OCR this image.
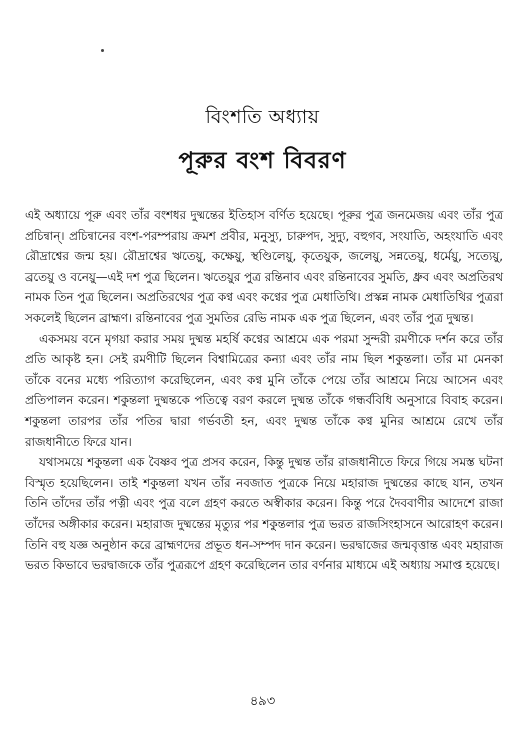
বিংশতি অধ্যায়
পূরুর বংশ বিবরণ

এই অধ্যায়ে পূরু এবং তাঁর বংশধর দুষ্মন্তের ইতিহাস বর্ণিত হয়েছে। পূরুর পুত্র জনমেজয় এবং তাঁর পুত্র প্রচিন্বান্‌। প্রচিন্বানের বংশ-পরম্পরায় ক্রমশ প্রবীর, মনুস্যু, চারুপদ, সুদ্যু, বহুগব, সংযাতি, অহংযাতি এবং রৌদ্রাশ্বের জন্ম হয়। রৌদ্রাশ্বের ঋতেয়ু, কক্ষেয়ু, স্থণ্ডিলেয়ু, কৃতেয়ুক, জলেয়ু, সন্নতেয়ু, ধর্মেয়ু, সত্যেয়ু, ব্রতেয়ু ও বনেয়ু—এই দশ পুত্র ছিলেন। ঋতেয়ুর পুত্র রন্তিনাব এবং রন্তিনাবের সুমতি, ধ্রুব এবং অপ্রতিরথ নামক তিন পুত্র ছিলেন। অপ্রতিরথের পুত্র কণ্ব এবং কণ্বের পুত্র মেধাতিথি। প্রস্কন্ন নামক মেধাতিথির পুত্ররা সকলেই ছিলেন ব্রাহ্মণ। রন্তিনাবের পুত্র সুমতির রেভি নামক এক পুত্র ছিলেন, এবং তাঁর পুত্র দুষ্মন্ত।

একসময় বনে মৃগয়া করার সময় দুষ্মন্ত মহর্ষি কণ্বের আশ্রমে এক পরমা সুন্দরী রমণীকে দর্শন করে তাঁর প্রতি আকৃষ্ট হন। সেই রমণীটি ছিলেন বিশ্বামিত্রের কন্যা এবং তাঁর নাম ছিল শকুন্তলা। তাঁর মা মেনকা তাঁকে বনের মধ্যে পরিত্যাগ করেছিলেন, এবং কণ্ব মুনি তাঁকে পেয়ে তাঁর আশ্রমে নিয়ে আসেন এবং প্রতিপালন করেন। শকুন্তলা দুষ্মন্তকে পতিত্বে বরণ করলে দুষ্মন্ত তাঁকে গন্ধর্ববিধি অনুসারে বিবাহ করেন। শকুন্তলা তারপর তাঁর পতির দ্বারা গর্ভবতী হন, এবং দুষ্মন্ত তাঁকে কণ্ব মুনির আশ্রমে রেখে তাঁর রাজধানীতে ফিরে যান।

যথাসময়ে শকুন্তলা এক বৈষ্ণব পুত্র প্রসব করেন, কিন্তু দুষ্মন্ত তাঁর রাজধানীতে ফিরে গিয়ে সমস্ত ঘটনা বিস্মৃত হয়েছিলেন। তাই শকুন্তলা যখন তাঁর নবজাত পুত্রকে নিয়ে মহারাজ দুষ্মন্তের কাছে যান, তখন তিনি তাঁদের তাঁর পত্নী এবং পুত্র বলে গ্রহণ করতে অস্বীকার করেন। কিন্তু পরে দৈববাণীর আদেশে রাজা তাঁদের অঙ্গীকার করেন। মহারাজ দুষ্মন্তের মৃত্যুর পর শকুন্তলার পুত্র ভরত রাজসিংহাসনে আরোহণ করেন। তিনি বহু যজ্ঞ অনুষ্ঠান করে ব্রাহ্মণদের প্রভূত ধন-সম্পদ দান করেন। ভরদ্বাজের জন্মবৃত্তান্ত এবং মহারাজ ভরত কিভাবে ভরদ্বাজকে তাঁর পুত্ররূপে গ্রহণ করেছিলেন তার বর্ণনার মাধ্যমে এই অধ্যায় সমাপ্ত হয়েছে।

৪৯৩
